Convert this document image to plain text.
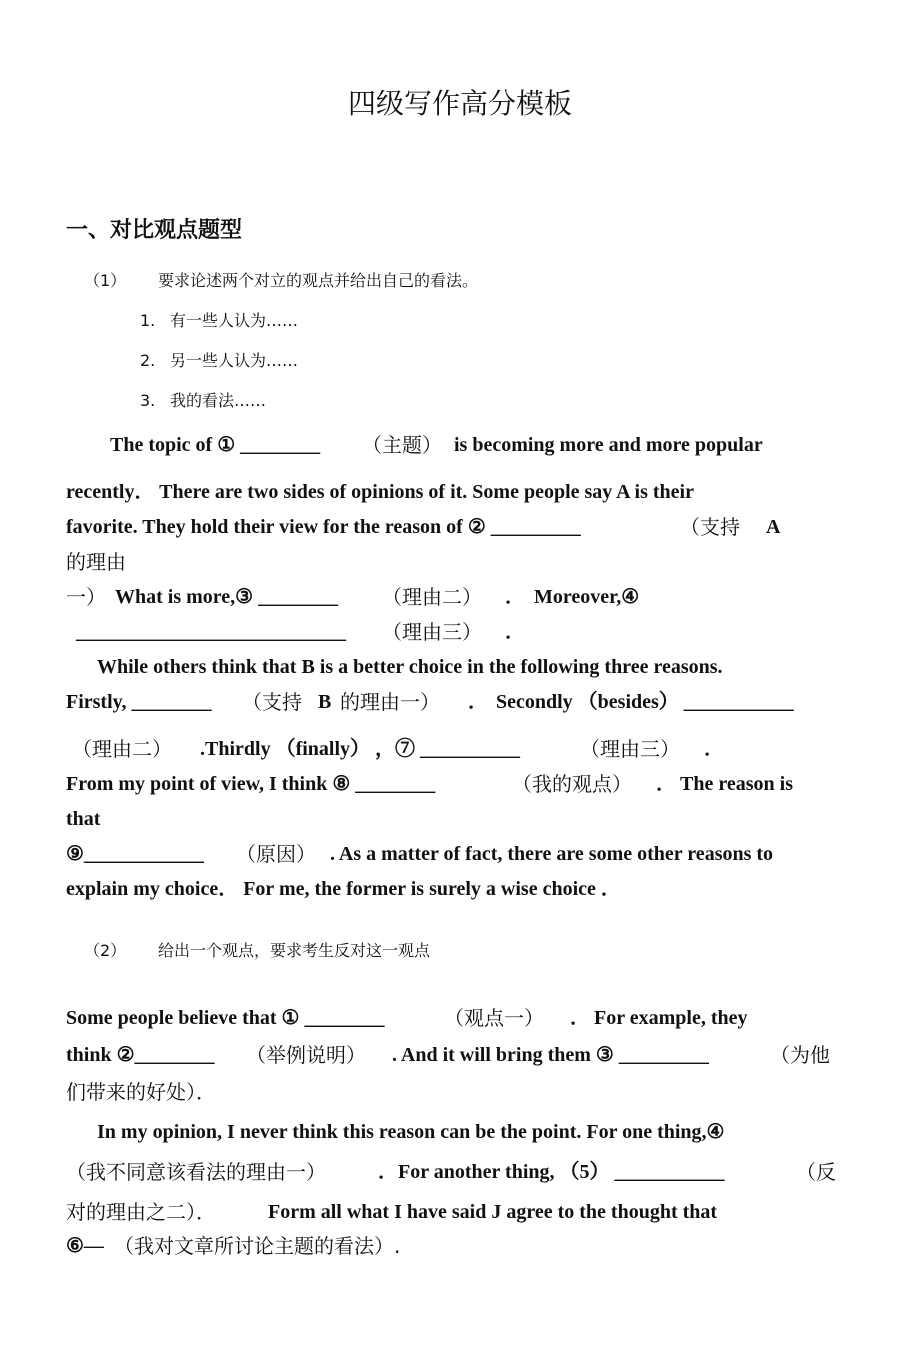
四级写作高分模板
一、对比观点题型
（1） 要求论述两个对立的观点并给出自己的看法。
1. 有一些人认为……
2. 另一些人认为……
3. 我的看法……
The topic of ① ________ （主题） is becoming more and more popular
recently． There are two sides of opinions of it. Some people say A is their
favorite. They hold their view for the reason of ② _________	（支持 A
的理由
一） What is more,③ ________ （理由二） ． Moreover,④
___________________________ （理由三） ．
While others think that B is a better choice in the following three reasons.
Firstly, ________ （支持 B 的理由一） ． Secondly （besides） ___________
（理由二） .Thirdly （finally） ，⑦ __________	（理由三） ．
From my point of view, I think ⑧ ________	（我的观点） ． The reason is
that
⑨____________ （原因） . As a matter of fact, there are some other reasons to
explain my choice． For me, the former is surely a wise choice ．
（2） 给出一个观点，要求考生反对这一观点
Some people believe that ① ________	（观点一） ． For example, they
think ②________ （举例说明） . And it will bring them ③ _________	（为他
们带来的好处）．
In my opinion, I never think this reason can be the point. For one thing,④
（我不同意该看法的理由一）	．For another thing, （5） ___________	（反
对的理由之二）．	Form all what I have said J agree to the thought that
⑥— （我对文章所讨论主题的看法）.
